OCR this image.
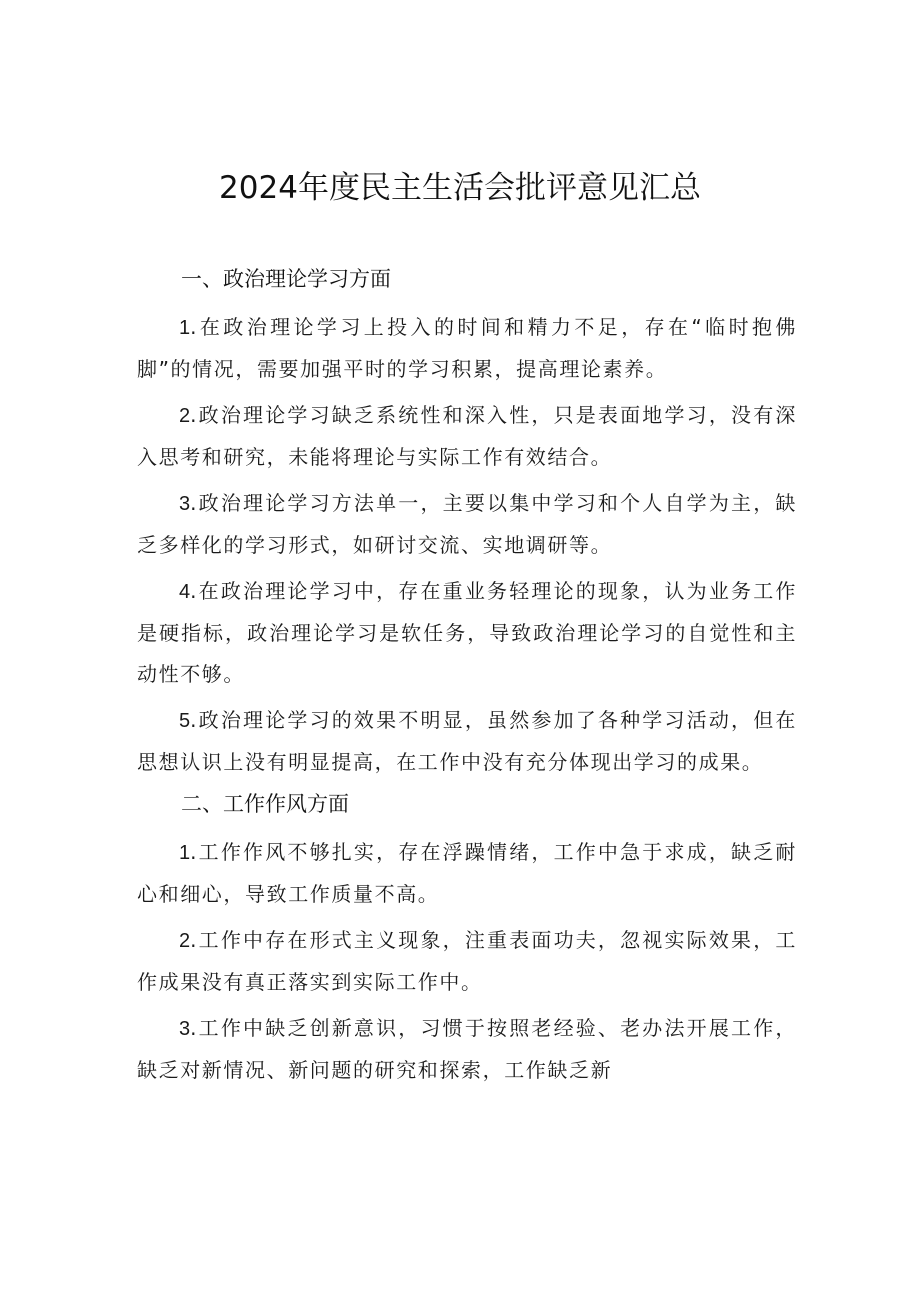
2024年度民主生活会批评意见汇总
一、政治理论学习方面

1.在政治理论学习上投入的时间和精力不足，存在“临时抱佛脚”的情况，需要加强平时的学习积累，提高理论素养。

2.政治理论学习缺乏系统性和深入性，只是表面地学习，没有深入思考和研究，未能将理论与实际工作有效结合。

3.政治理论学习方法单一，主要以集中学习和个人自学为主，缺乏多样化的学习形式，如研讨交流、实地调研等。

4.在政治理论学习中，存在重业务轻理论的现象，认为业务工作是硬指标，政治理论学习是软任务，导致政治理论学习的自觉性和主动性不够。

5.政治理论学习的效果不明显，虽然参加了各种学习活动，但在思想认识上没有明显提高，在工作中没有充分体现出学习的成果。

二、工作作风方面

1.工作作风不够扎实，存在浮躁情绪，工作中急于求成，缺乏耐心和细心，导致工作质量不高。

2.工作中存在形式主义现象，注重表面功夫，忽视实际效果，工作成果没有真正落实到实际工作中。

3.工作中缺乏创新意识，习惯于按照老经验、老办法开展工作，缺乏对新情况、新问题的研究和探索，工作缺乏新
